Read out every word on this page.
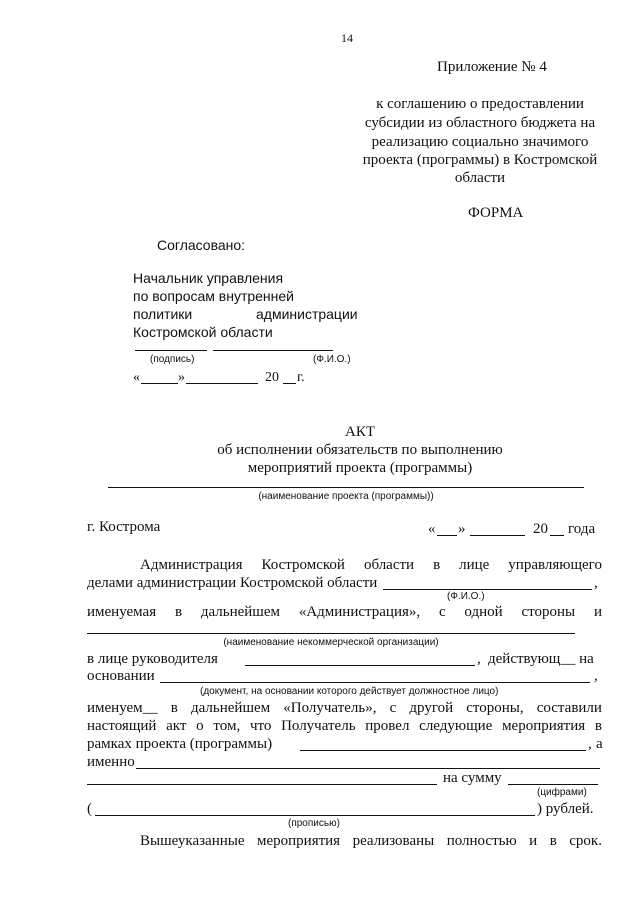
14
Приложение № 4
к соглашению о предоставлении
субсидии из областного бюджета на
реализацию социально значимого
проекта (программы) в Костромской
области
ФОРМА
Согласовано:
Начальник управления
по вопросам внутренней
политики	администрации
Костромской области
(подпись)	(Ф.И.О.)
«	»	20 г.
АКТ
об исполнении обязательств по выполнению
мероприятий проекта (программы)
(наименование проекта (программы))
г. Кострома	« »	20 года
Администрация Костромской области в лице управляющего
делами администрации Костромской области	,
(Ф.И.О.)
именуемая в дальнейшем «Администрация», с одной стороны и
(наименование некоммерческой организации)
в лице руководителя	, действующ__ на
основании	,
(документ, на основании которого действует должностное лицо)
именуем__ в дальнейшем «Получатель», с другой стороны, составили
настоящий акт о том, что Получатель провел следующие мероприятия в
рамках проекта (программы)	, а
именно
на сумму
(цифрами)
(	) рублей.
(прописью)
Вышеуказанные мероприятия реализованы полностью и в срок.
